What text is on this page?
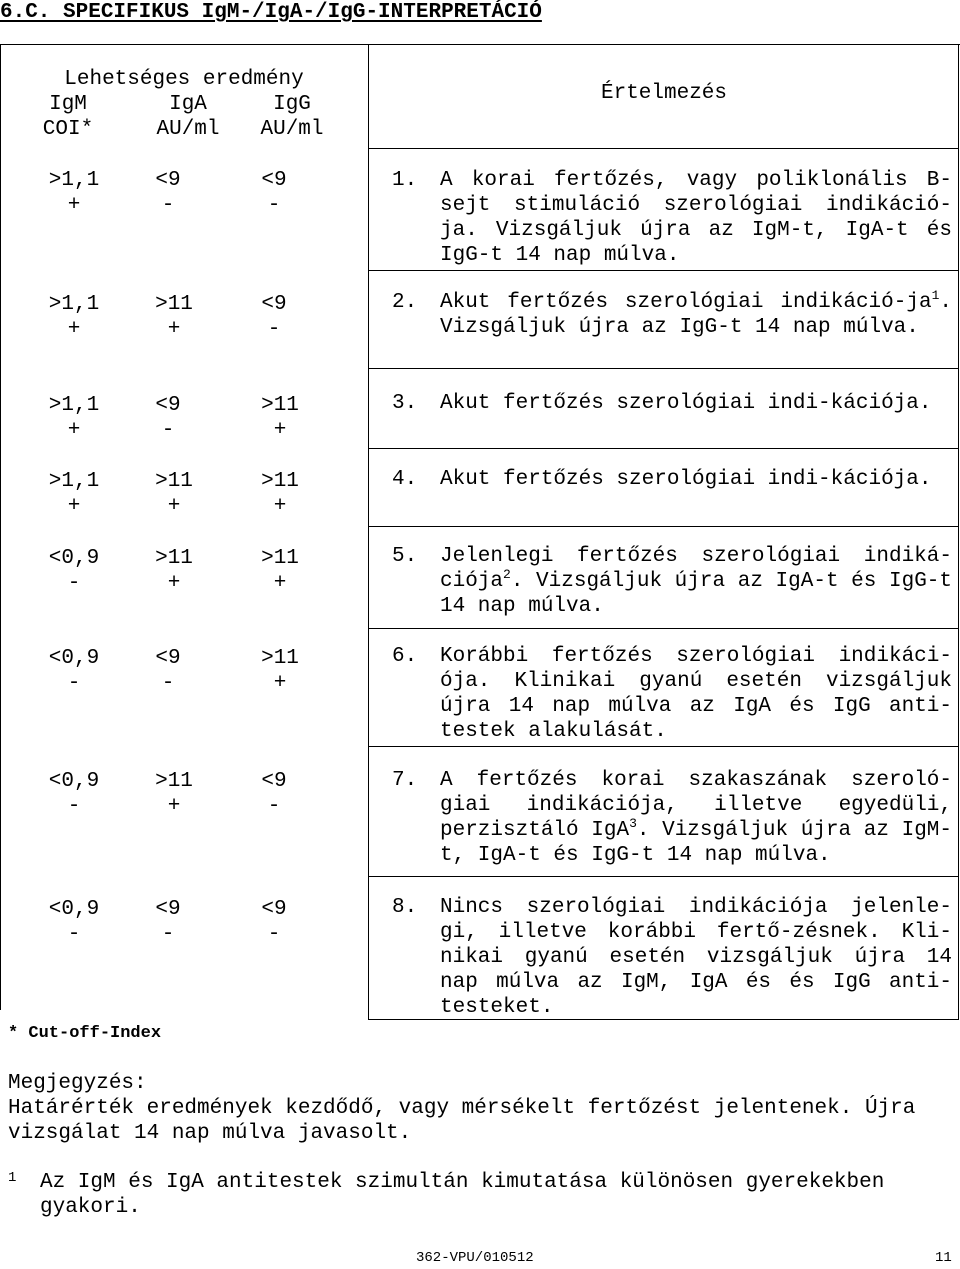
6.C. SPECIFIKUS IgM-/IgA-/IgG-INTERPRETÁCIÓ
Lehetséges eredmény
IgM
COI*
IgA
AU/ml
IgG
AU/ml
Értelmezés
>1,1
+
<9
-
<9
-
1. A korai fertőzés, vagy poliklonális B-sejt stimuláció szerológiai indikáció-ja. Vizsgáljuk újra az IgM-t, IgA-t és IgG-t 14 nap múlva.
>1,1
+
>11
+
<9
-
2. Akut fertőzés szerológiai indikáció-$ja^1$. Vizsgáljuk újra az IgG-t 14 nap múlva.
>1,1
+
<9
-
>11
+
3. Akut fertőzés szerológiai indi-kációja.
>1,1
+
>11
+
>11
+
4. Akut fertőzés szerológiai indi-kációja.
<0,9
-
>11
+
>11
+
5. Jelenlegi fertőzés szerológiai indiká-ciója$^2$. Vizsgáljuk újra az IgA-t és IgG-t 14 nap múlva.
<0,9
-
<9
-
>11
+
6. Korábbi fertőzés szerológiai indikáci-ója. Klinikai gyanú esetén vizsgáljuk újra 14 nap múlva az IgA és IgG anti-testek alakulását.
<0,9
-
>11
+
<9
-
7. A fertőzés korai szakaszának szeroló-giai indikációja, illetve egyedüli, perzisztáló IgA$^3$. Vizsgáljuk újra az IgM-t, IgA-t és IgG-t 14 nap múlva.
<0,9
-
<9
-
<9
-
8. Nincs szerológiai indikációja jelenle-gi, illetve korábbi fertő-zésnek. Kli-nikai gyanú esetén vizsgáljuk újra 14 nap múlva az IgM, IgA és és IgG anti-testeket.
* Cut-off-Index
Megjegyzés:
Határérték eredmények kezdődő, vagy mérsékelt fertőzést jelentenek. Újra vizsgálat 14 nap múlva javasolt.
1 Az IgM és IgA antitestek szimultán kimutatása különösen gyerekekben gyakori.
362-VPU/010512	11
